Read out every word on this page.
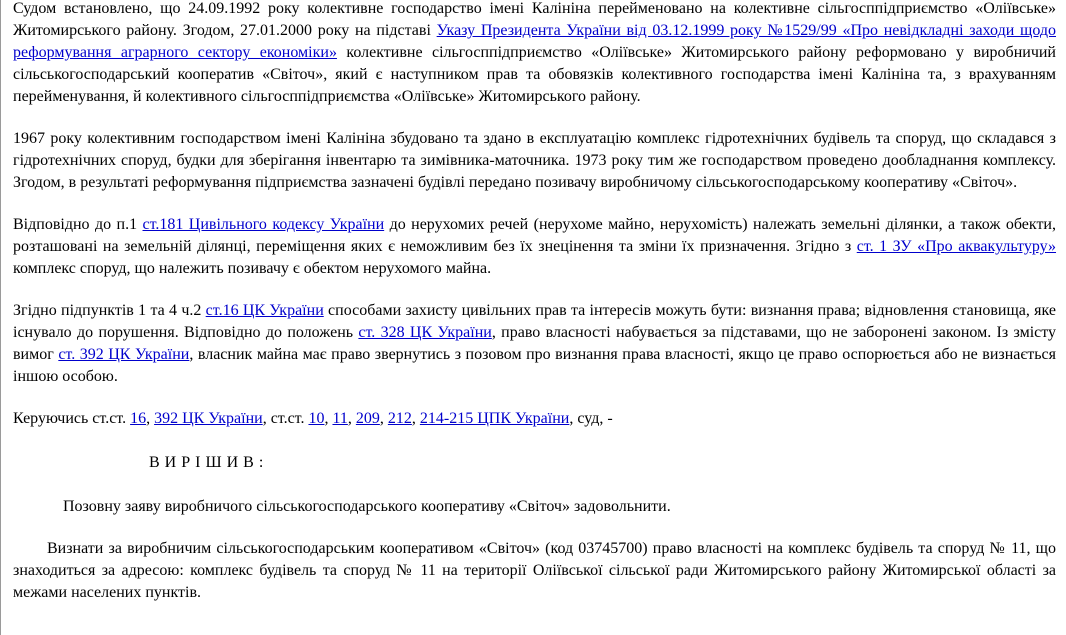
Судом встановлено, що 24.09.1992 року колективне господарство імені Калініна перейменовано на колективне сільгосппідприємство «Оліївське» Житомирського району. Згодом, 27.01.2000 року на підставі Указу Президента України від 03.12.1999 року №1529/99 «Про невідкладні заходи щодо реформування аграрного сектору економіки» колективне сільгосппідприємство «Оліївське» Житомирського району реформовано у виробничий сільськогосподарський кооператив «Світоч», який є наступником прав та обовязків колективного господарства імені Калініна та, з врахуванням перейменування, й колективного сільгосппідприємства «Оліївське» Житомирського району.

1967 року колективним господарством імені Калініна збудовано та здано в експлуатацію комплекс гідротехнічних будівель та споруд, що складався з гідротехнічних споруд, будки для зберігання інвентарю та зимівника-маточника. 1973 року тим же господарством проведено дообладнання комплексу. Згодом, в результаті реформування підприємства зазначені будівлі передано позивачу виробничому сільськогосподарському кооперативу «Світоч».

Відповідно до п.1 ст.181 Цивільного кодексу України до нерухомих речей (нерухоме майно, нерухомість) належать земельні ділянки, а також обекти, розташовані на земельній ділянці, переміщення яких є неможливим без їх знецінення та зміни їх призначення. Згідно з ст. 1 ЗУ «Про аквакультуру» комплекс споруд, що належить позивачу є обектом нерухомого майна.

Згідно підпунктів 1 та 4 ч.2 ст.16 ЦК України способами захисту цивільних прав та інтересів можуть бути: визнання права; відновлення становища, яке існувало до порушення. Відповідно до положень ст. 328 ЦК України, право власності набувається за підставами, що не заборонені законом. Із змісту вимог ст. 392 ЦК України, власник майна має право звернутись з позовом про визнання права власності, якщо це право оспорюється або не визнається іншою особою.

Керуючись ст.ст. 16, 392 ЦК України, ст.ст. 10, 11, 209, 212, 214-215 ЦПК України, суд, -

ВИРІШИВ:

Позовну заяву виробничого сільськогосподарського кооперативу «Світоч» задовольнити.

Визнати за виробничим сільськогосподарським кооперативом «Світоч» (код 03745700) право власності на комплекс будівель та споруд № 11, що знаходиться за адресою: комплекс будівель та споруд № 11 на території Оліївської сільської ради Житомирського району Житомирської області за межами населених пунктів.
